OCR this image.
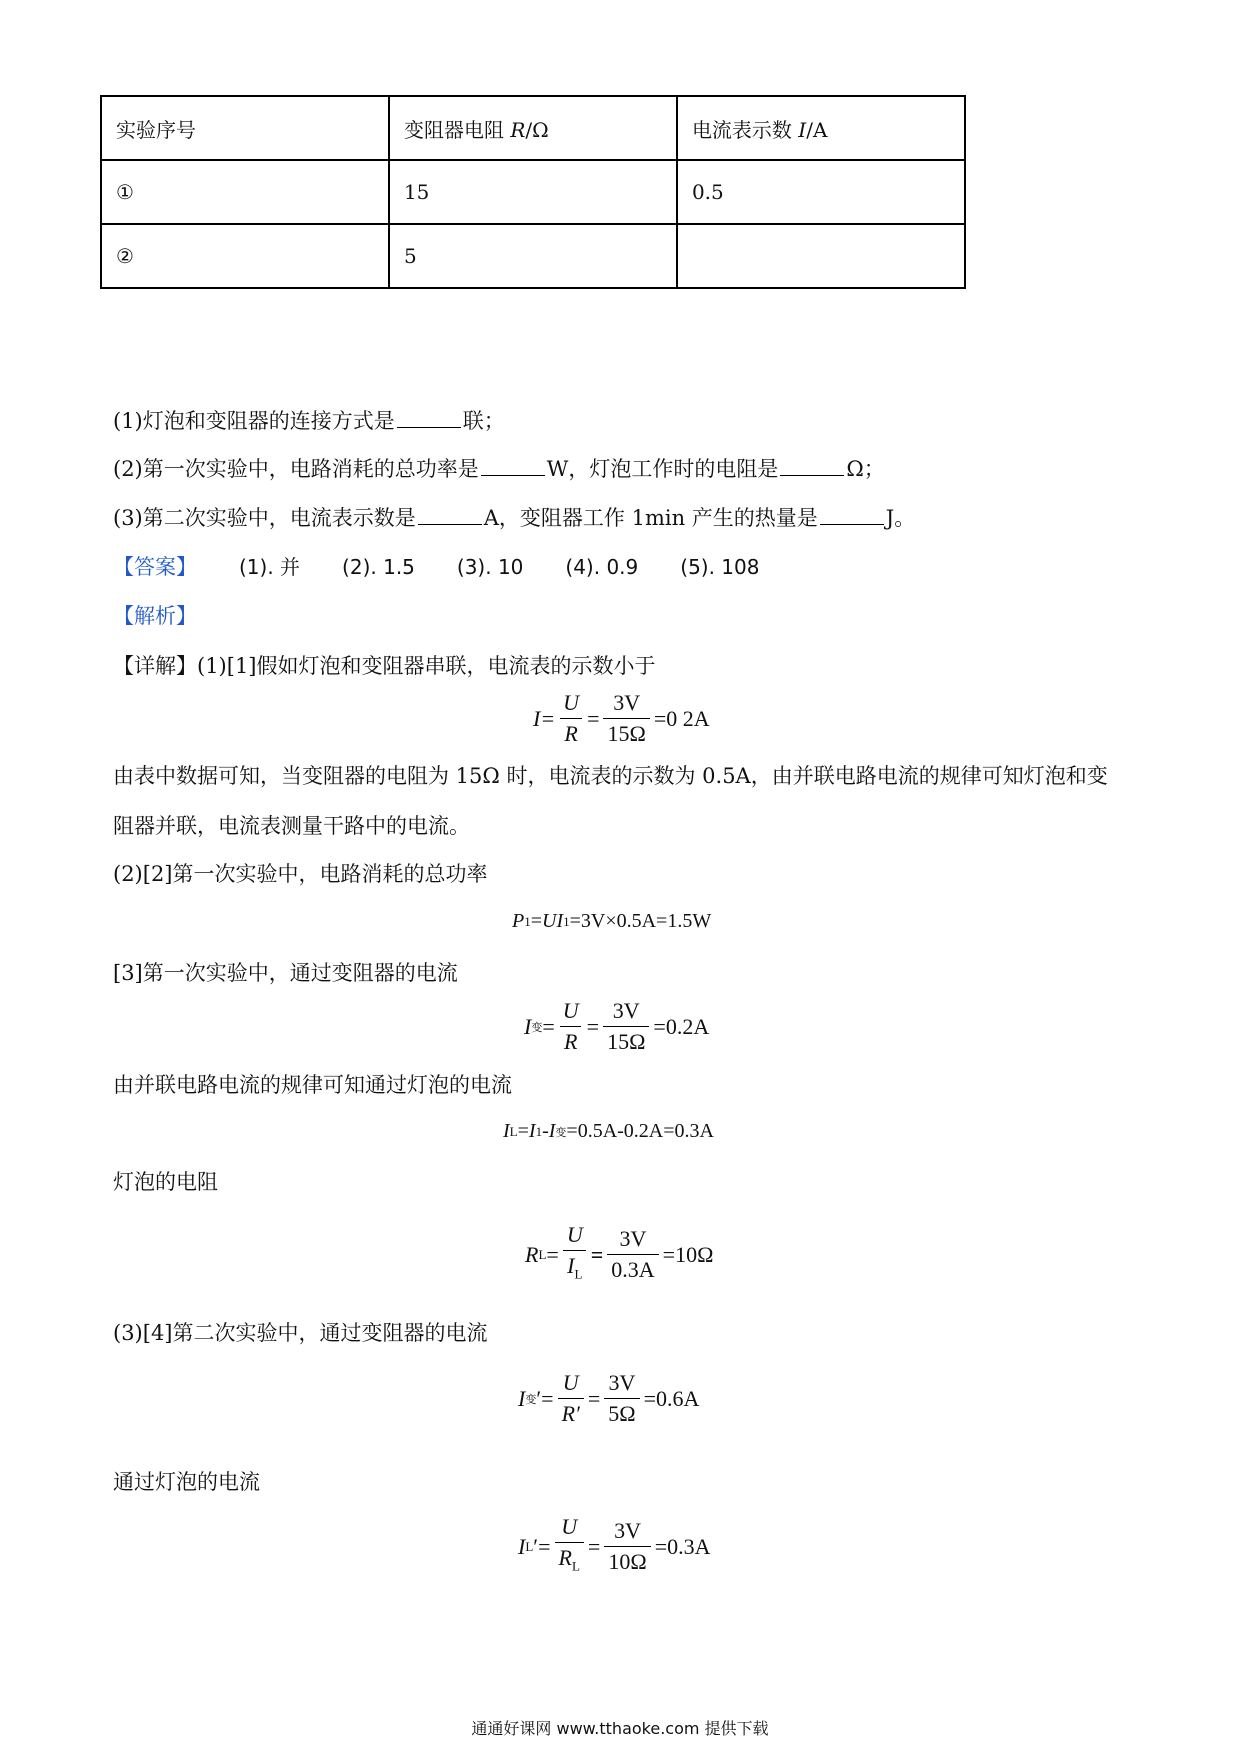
实验序号	变阻器电阻 R/Ω	电流表示数 I/A
①	15	0.5
②	5	
(1)灯泡和变阻器的连接方式是	联；
(2)第一次实验中，电路消耗的总功率是	W，灯泡工作时的电阻是	Ω；
(3)第二次实验中，电流表示数是	A，变阻器工作 1min 产生的热量是	J。
【答案】 (1). 并 (2). 1.5 (3). 10 (4). 0.9 (5). 108
【解析】
【详解】(1)[1]假如灯泡和变阻器串联，电流表的示数小于
$I= \frac{U}{R} = \frac{3V}{15\Omega} =0$ 2A
由表中数据可知，当变阻器的电阻为 15Ω 时，电流表的示数为 0.5A，由并联电路电流的规律可知灯泡和变
阻器并联，电流表测量干路中的电流。
(2)[2]第一次实验中，电路消耗的总功率
P 1 = UI 1 =3V×0.5A=1.5W
[3]第一次实验中，通过变阻器的电流
I 变 = $\frac{U}{R} = \frac{3V}{15\Omega} =0.2A$
由并联电路电流的规律可知通过灯泡的电流
I L = I 1 - I 变 =0.5A-0.2A=0.3A
灯泡的电阻
R $L = \frac{U}{I_L} = \frac{3V}{0.3A} =10\Omega$
(3)[4]第二次实验中，通过变阻器的电流
I 变 ′= $\frac{U}{R'} = \frac{3V}{5\Omega} =0.6A$
通过灯泡的电流
I L ′= $\frac{U}{R_L} = \frac{3V}{10\Omega} =0.3A$
通通好课网 www.tthaoke.com 提供下载
